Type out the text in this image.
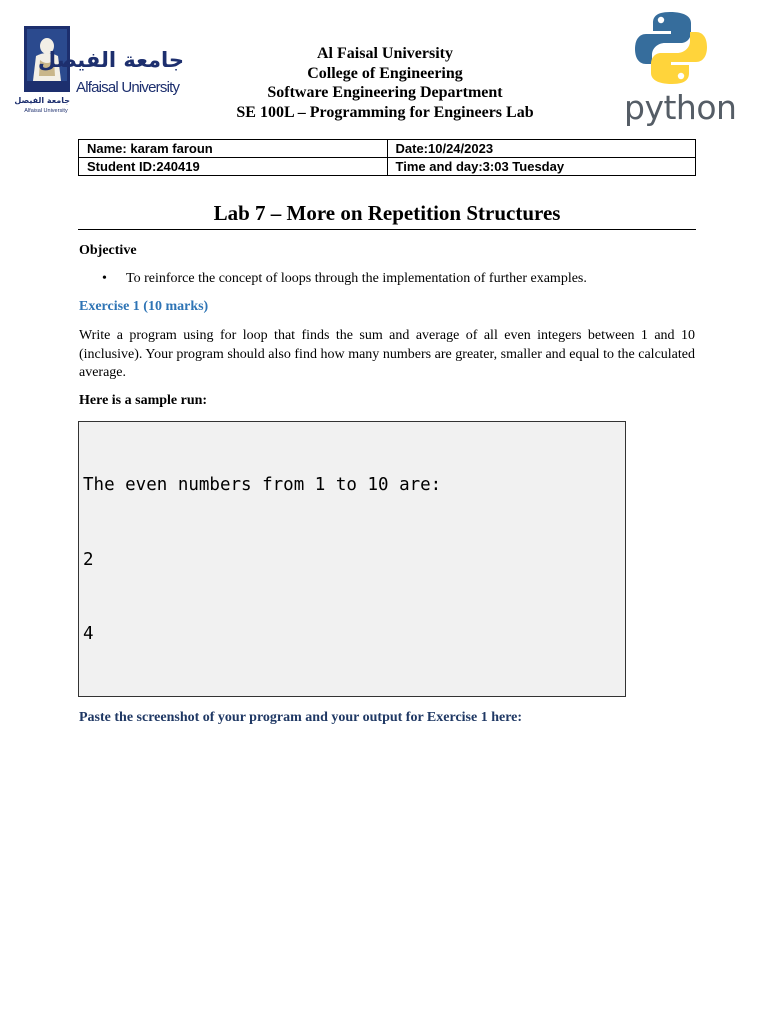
جامعة الفيصل
Alfaisal University
جامعة الفيصل
Alfaisal University
Al Faisal University
College of Engineering
Software Engineering Department
SE 100L – Programming for Engineers Lab	python
Name: karam faroun	Date:10/24/2023
Student ID:240419	Time and day:3:03 Tuesday
Lab 7 – More on Repetition Structures
Objective
• To reinforce the concept of loops through the implementation of further examples.
Exercise 1 (10 marks)
Write a program using for loop that finds the sum and average of all even integers between 1 and 10 (inclusive). Your program should also find how many numbers are greater, smaller and equal to the calculated average.
Here is a sample run:

The even numbers from 1 to 10 are:

2

4

Paste the screenshot of your program and your output for Exercise 1 here:
